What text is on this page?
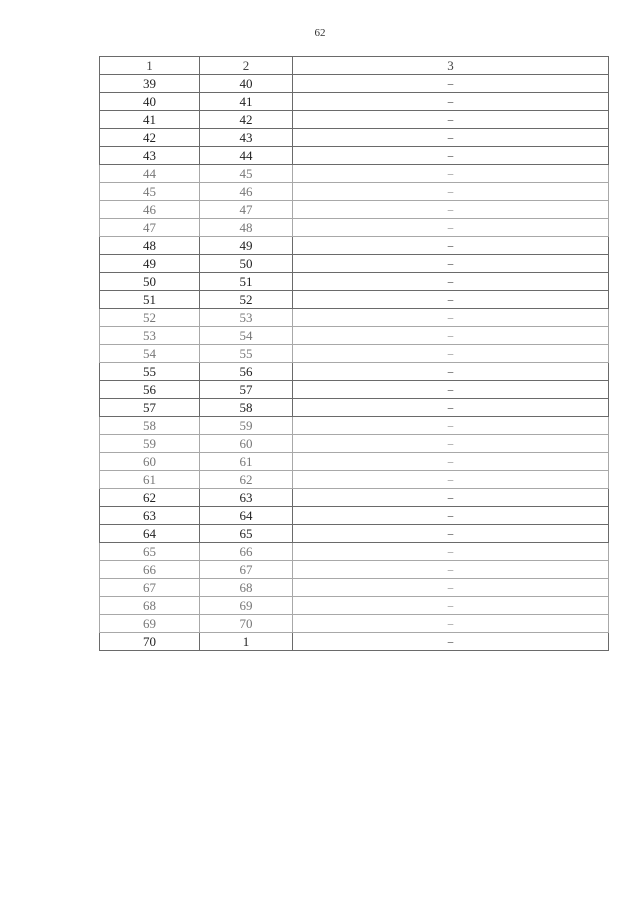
62
1	2	3
39	40	–
40	41	–
41	42	–
42	43	–
43	44	–
44	45	–
45	46	–
46	47	–
47	48	–
48	49	–
49	50	–
50	51	–
51	52	–
52	53	–
53	54	–
54	55	–
55	56	–
56	57	–
57	58	–
58	59	–
59	60	–
60	61	–
61	62	–
62	63	–
63	64	–
64	65	–
65	66	–
66	67	–
67	68	–
68	69	–
69	70	–
70	1	–
